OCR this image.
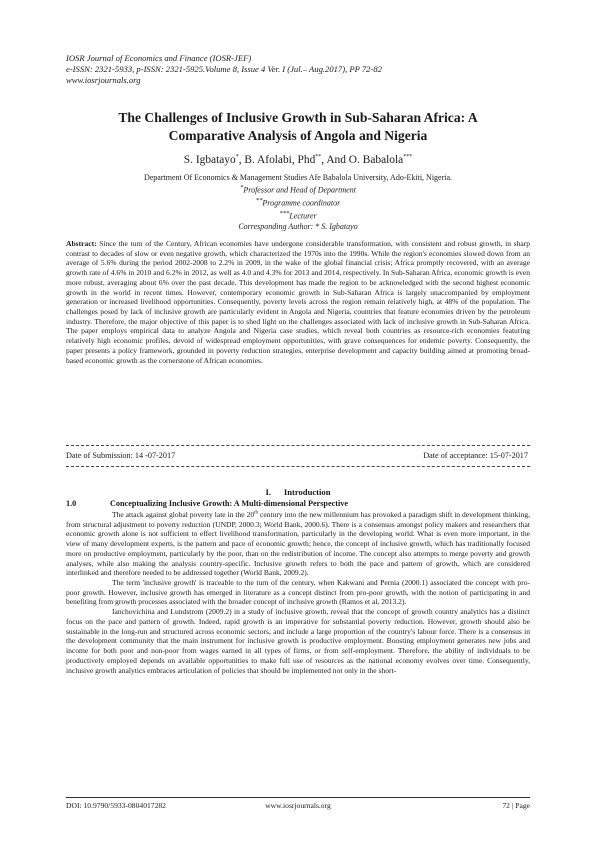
IOSR Journal of Economics and Finance (IOSR-JEF)
e-ISSN: 2321-5933, p-ISSN: 2321-5925.Volume 8, Issue 4 Ver. I (Jul.– Aug.2017), PP 72-82
www.iosrjournals.org
The Challenges of Inclusive Growth in Sub-Saharan Africa: A
Comparative Analysis of Angola and Nigeria
S. Igbatayo*, B. Afolabi, Phd**, And O. Babalola***
Department Of Economics & Management Studies Afe Babalola University, Ado-Ekiti, Nigeria.
*Professor and Head of Department
**Programme coordinator
***Lecturer
Corresponding Author: * S. Igbatayo
Abstract: Since the turn of the Century, African economies have undergone considerable transformation, with consistent and robust growth, in sharp contrast to decades of slow or even negative growth, which characterized the 1970s into the 1990s. While the region's economies slowed down from an average of 5.6% during the period 2002-2008 to 2.2% in 2009, in the wake of the global financial crisis; Africa promptly recovered, with an average growth rate of 4.6% in 2010 and 6.2% in 2012, as well as 4.0 and 4.3% for 2013 and 2014, respectively. In Sub-Saharan Africa, economic growth is even more robust, averaging about 6% over the past decade. This development has made the region to be acknowledged with the second highest economic growth in the world in recent times. However, contemporary economic growth in Sub-Saharan Africa is largely unaccompanied by employment generation or increased livelihood opportunities. Consequently, poverty levels across the region remain relatively high, at 48% of the population. The challenges posed by lack of inclusive growth are particularly evident in Angola and Nigeria, countries that feature economies driven by the petroleum industry. Therefore, the major objective of this paper is to shed light on the challenges associated with lack of inclusive growth in Sub-Saharan Africa. The paper employs empirical data to analyze Angola and Nigeria case studies, which reveal both countries as resource-rich economies featuring relatively high economic profiles, devoid of widespread employment opportunities, with grave consequences for endemic poverty. Consequently, the paper presents a policy framework, grounded in poverty reduction strategies, enterprise development and capacity building aimed at promoting broad-based economic growth as the cornerstone of African economies.
Date of Submission: 14 -07-2017	Date of acceptance: 15-07-2017
I.      Introduction
1.0	Conceptualizing Inclusive Growth: A Multi-dimensional Perspective

The attack against global poverty late in the 20th century into the new millennium has provoked a paradigm shift in development thinking, from structural adjustment to poverty reduction (UNDP, 2000.3; World Bank, 2000.6). There is a consensus amongst policy makers and researchers that economic growth alone is not sufficient to effect livelihood transformation, particularly in the developing world. What is even more important, in the view of many development experts, is the pattern and pace of economic growth; hence, the concept of inclusive growth, which has traditionally focused more on productive employment, particularly by the poor, than on the redistribution of income. The concept also attempts to merge poverty and growth analyses, while also making the analysis country-specific. Inclusive growth refers to both the pace and pattern of growth, which are considered interlinked and therefore needed to be addressed together (World Bank, 2009.2).

The term 'inclusive growth' is traceable to the turn of the century, when Kakwani and Pernia (2000.1) associated the concept with pro-poor growth. However, inclusive growth has emerged in literature as a concept distinct from pro-poor growth, with the notion of participating in and benefiting from growth processes associated with the broader concept of inclusive growth (Ramos et al, 2013.2).

Ianchovichina and Lundstrom (2009.2) in a study of inclusive growth, reveal that the concept of growth country analytics has a distinct focus on the pace and pattern of growth. Indeed, rapid growth is an imperative for substantial poverty reduction. However, growth should also be sustainable in the long-run and structured across economic sectors, and include a large proportion of the country's labour force. There is a consensus in the development community that the main instrument for inclusive growth is productive employment. Boosting employment generates new jobs and income for both poor and non-poor from wages earned in all types of firms, or from self-employment. Therefore, the ability of individuals to be productively employed depends on available opportunities to make full use of resources as the national economy evolves over time. Consequently, inclusive growth analytics embraces articulation of policies that should be implemented not only in the short-

DOI: 10.9790/5933-0804017282	www.iosrjournals.org	72 | Page
